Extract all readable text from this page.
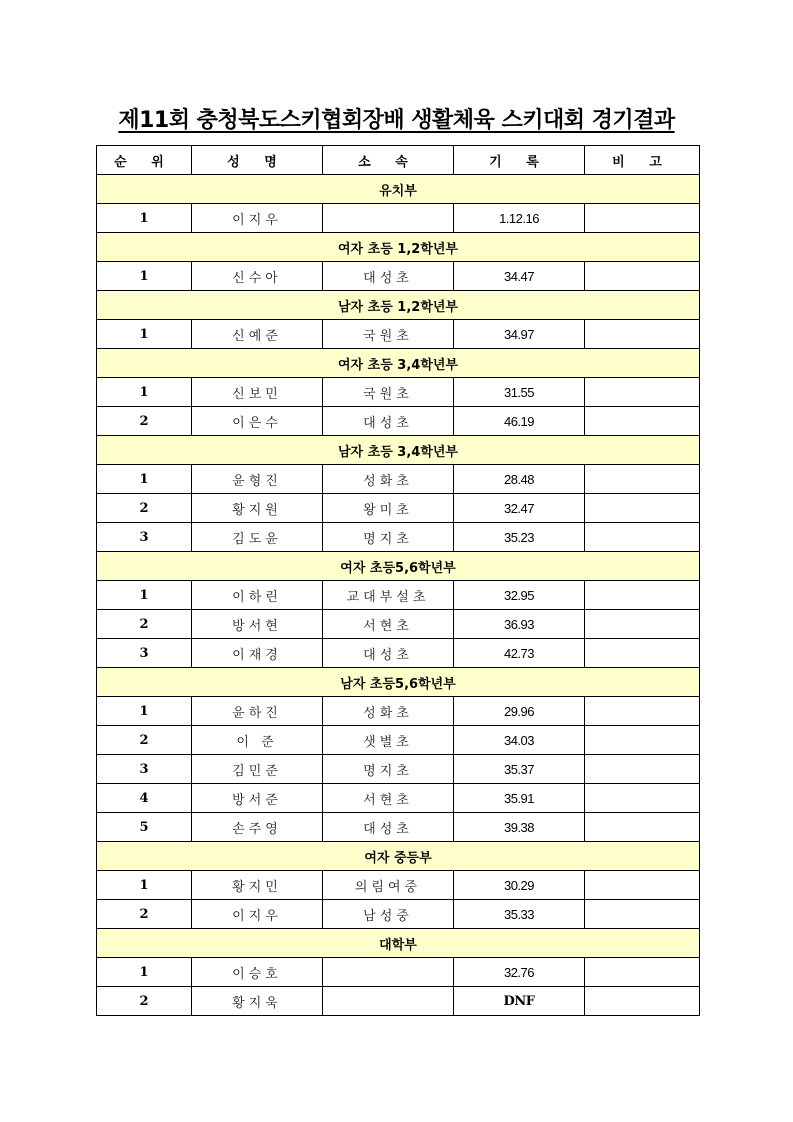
제11회 충청북도스키협회장배 생활체육 스키대회 경기결과
순 위	성 명	소 속	기 록	비 고
유치부				
1	이지우		1.12.16	
여자 초등 1,2학년부				
1	신수아	대성초	34.47	
남자 초등 1,2학년부				
1	신예준	국원초	34.97	
여자 초등 3,4학년부				
1	신보민	국원초	31.55	
2	이은수	대성초	46.19	
남자 초등 3,4학년부				
1	윤형진	성화초	28.48	
2	황지원	왕미초	32.47	
3	김도윤	명지초	35.23	
여자 초등5,6학년부				
1	이하린	교대부설초	32.95	
2	방서현	서현초	36.93	
3	이재경	대성초	42.73	
남자 초등5,6학년부				
1	윤하진	성화초	29.96	
2	이 준	샛별초	34.03	
3	김민준	명지초	35.37	
4	방서준	서현초	35.91	
5	손주영	대성초	39.38	
여자 중등부				
1	황지민	의림여중	30.29	
2	이지우	남성중	35.33	
대학부				
1	이승호		32.76	
2	황지욱		DNF	
